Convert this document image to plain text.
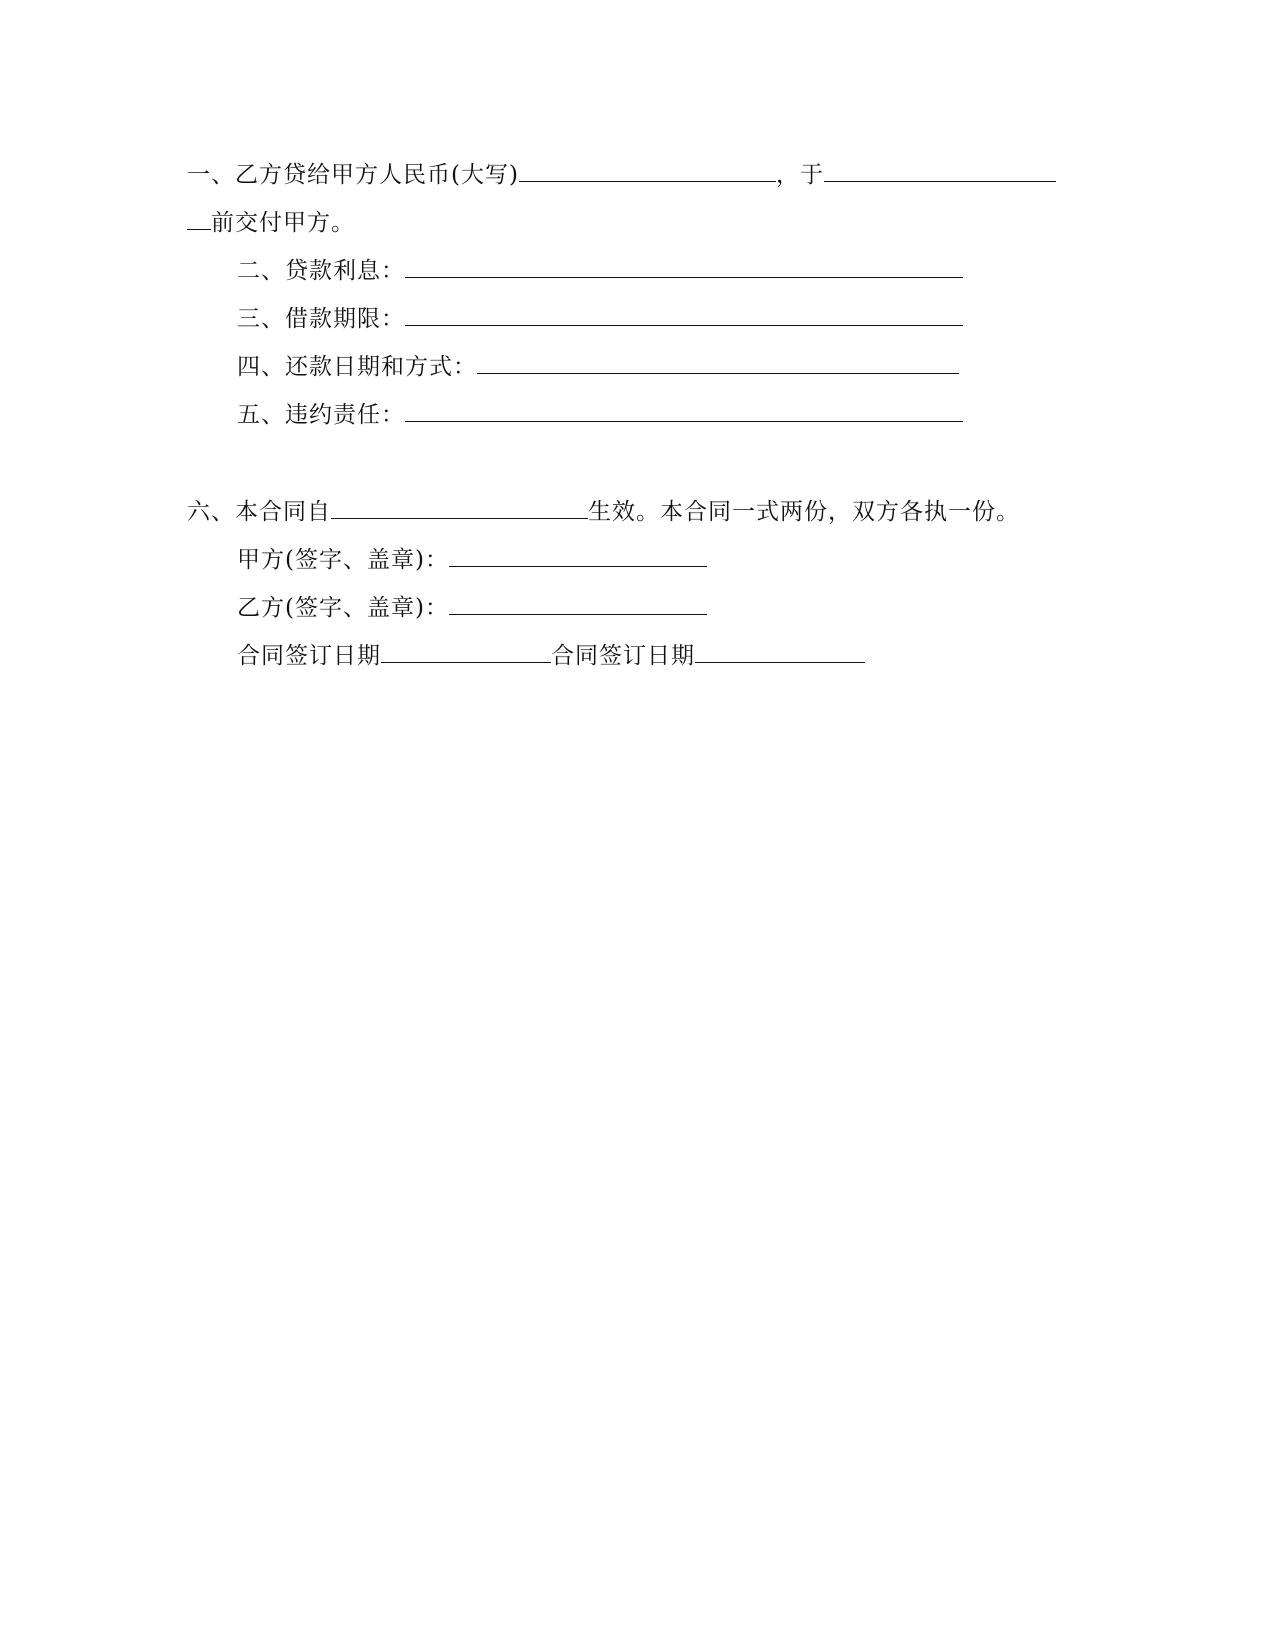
一、乙方贷给甲方人民币(大写)	，于
前交付甲方。
二、贷款利息：
三、借款期限：
四、还款日期和方式：
五、违约责任：
六、本合同自	生效。本合同一式两份，双方各执一份。
甲方(签字、盖章)：
乙方(签字、盖章)：
合同签订日期	合同签订日期
